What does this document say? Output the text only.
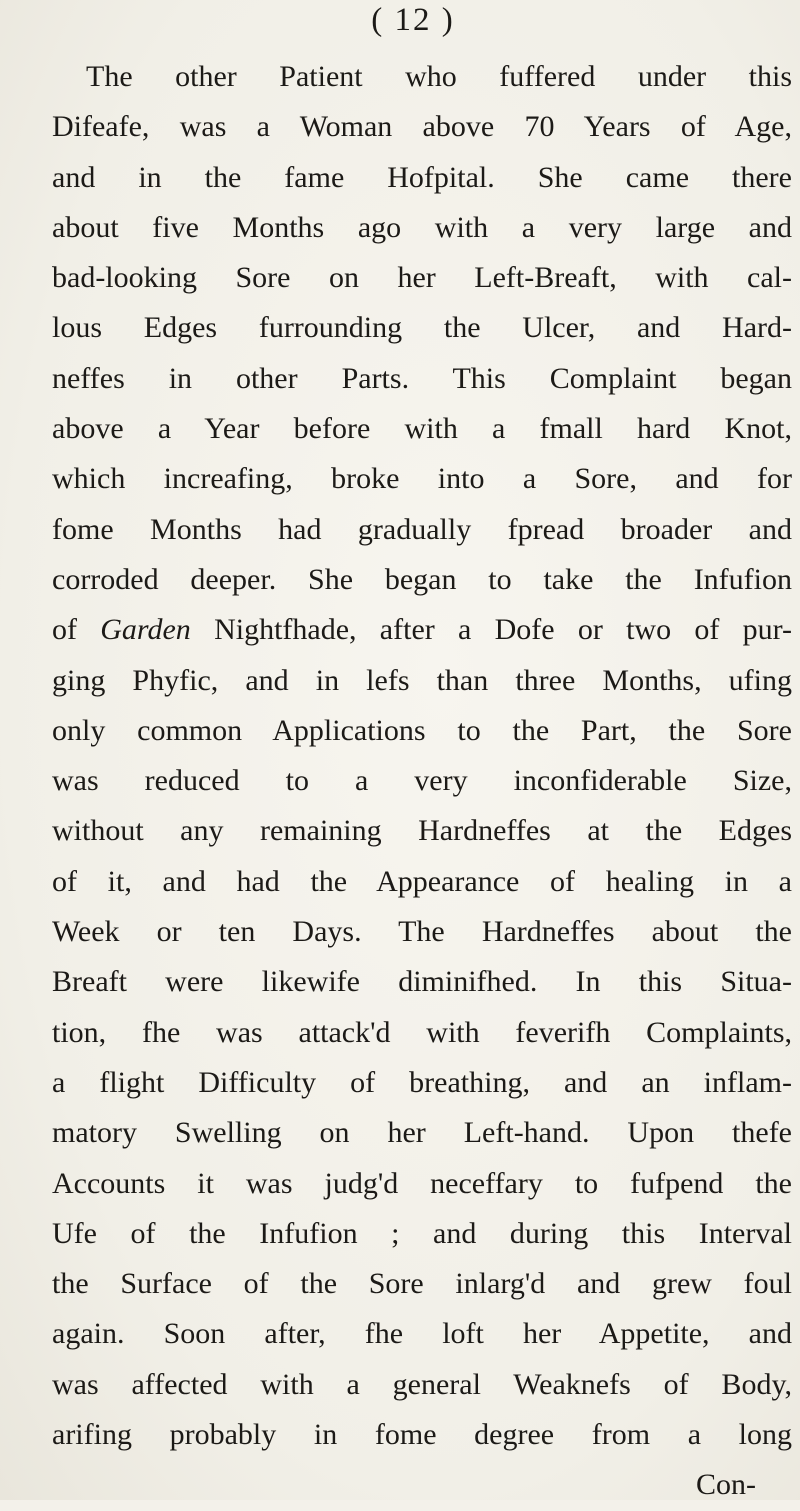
( 12 )
The other Patient who fuffered under this
Difeafe, was a Woman above 70 Years of Age,
and in the fame Hofpital. She came there
about five Months ago with a very large and
bad-looking Sore on her Left-Breaft, with cal-
lous Edges furrounding the Ulcer, and Hard-
neffes in other Parts. This Complaint began
above a Year before with a fmall hard Knot,
which increafing, broke into a Sore, and for
fome Months had gradually fpread broader and
corroded deeper. She began to take the Infufion
of Garden Nightfhade, after a Dofe or two of pur-
ging Phyfic, and in lefs than three Months, ufing
only common Applications to the Part, the Sore
was reduced to a very inconfiderable Size,
without any remaining Hardneffes at the Edges
of it, and had the Appearance of healing in a
Week or ten Days. The Hardneffes about the
Breaft were likewife diminifhed. In this Situa-
tion, fhe was attack'd with feverifh Complaints,
a flight Difficulty of breathing, and an inflam-
matory Swelling on her Left-hand. Upon thefe
Accounts it was judg'd neceffary to fufpend the
Ufe of the Infufion ; and during this Interval
the Surface of the Sore inlarg'd and grew foul
again. Soon after, fhe loft her Appetite, and
was affected with a general Weaknefs of Body,
arifing probably in fome degree from a long
Con-
